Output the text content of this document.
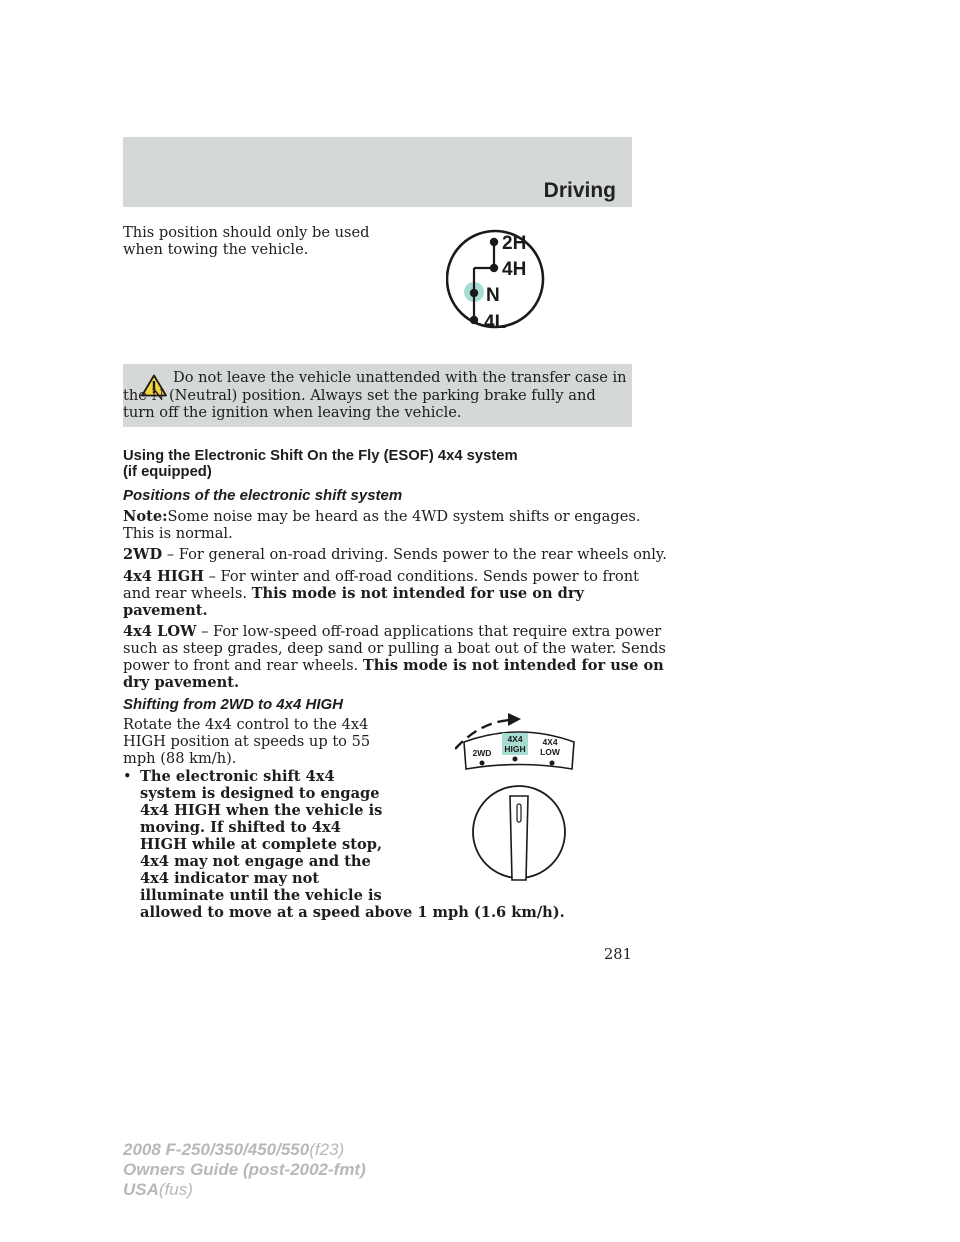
Driving

This position should only be used

when towing the vehicle.	2H
4H
N
4L

Do not leave the vehicle unattended with the transfer case in the N (Neutral) position. Always set the parking brake fully and turn off the ignition when leaving the vehicle.

Using the Electronic Shift On the Fly (ESOF) 4x4 system

(if equipped)

Positions of the electronic shift system

Note:Some noise may be heard as the 4WD system shifts or engages.

This is normal.

2WD – For general on-road driving. Sends power to the rear wheels only.

4x4 HIGH – For winter and off-road conditions. Sends power to front

and rear wheels. This mode is not intended for use on dry

pavement.

4x4 LOW – For low-speed off-road applications that require extra power

such as steep grades, deep sand or pulling a boat out of the water. Sends

power to front and rear wheels. This mode is not intended for use on

dry pavement.

Shifting from 2WD to 4x4 HIGH

Rotate the 4x4 control to the 4x4

HIGH position at speeds up to 55

mph (88 km/h).

• The electronic shift 4x4

system is designed to engage

4x4 HIGH when the vehicle is

moving. If shifted to 4x4

HIGH while at complete stop,

4x4 may not engage and the

4x4 indicator may not

illuminate until the vehicle is

allowed to move at a speed above 1 mph (1.6 km/h).

2WD
4X4
HIGH
4X4
LOW
281
2008 F-250/350/450/550(f23)
Owners Guide (post-2002-fmt)
USA(fus)
